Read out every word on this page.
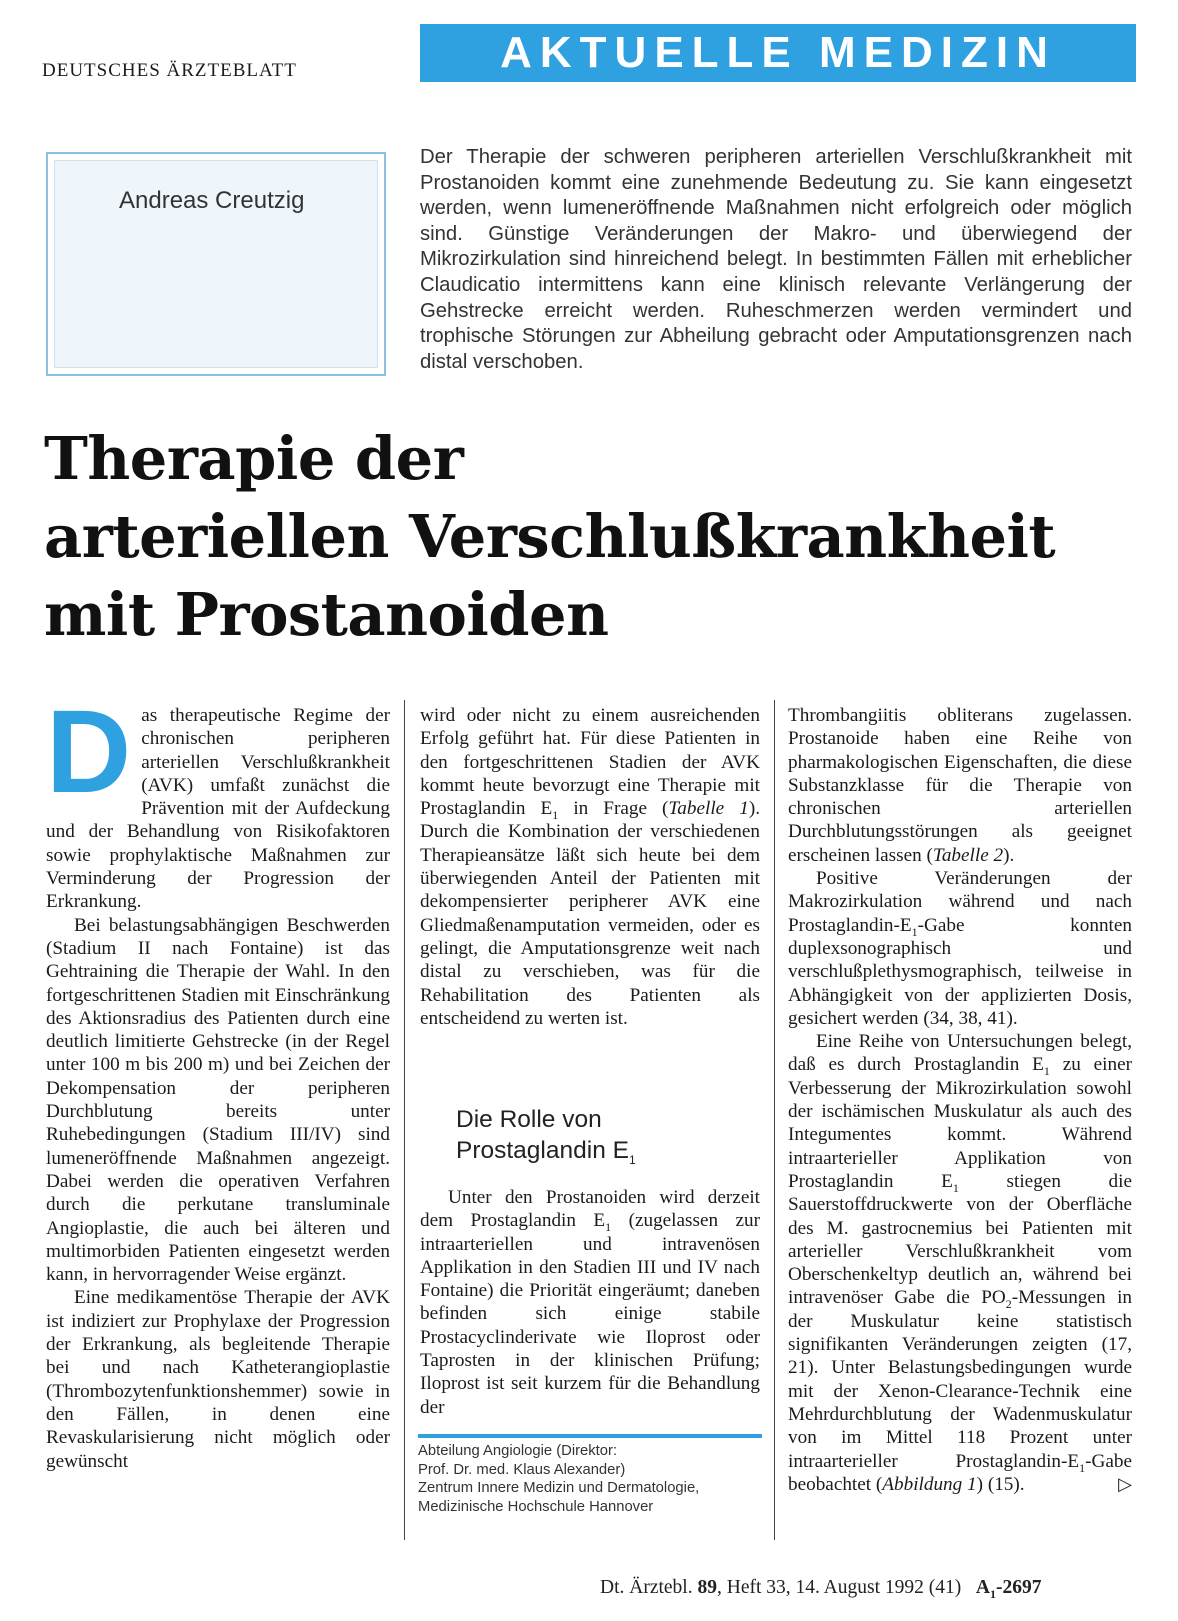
DEUTSCHES ÄRZTEBLATT	AKTUELLE MEDIZIN
Andreas Creutzig
Der Therapie der schweren peripheren arteriellen Verschlußkrankheit mit Prostanoiden kommt eine zunehmende Bedeutung zu. Sie kann eingesetzt werden, wenn lumeneröffnende Maßnahmen nicht erfolgreich oder möglich sind. Günstige Veränderungen der Makro- und überwiegend der Mikrozirkulation sind hinreichend belegt. In bestimmten Fällen mit erheblicher Claudicatio intermittens kann eine klinisch relevante Verlängerung der Gehstrecke erreicht werden. Ruheschmerzen werden vermindert und trophische Störungen zur Abheilung gebracht oder Amputationsgrenzen nach distal verschoben.
Therapie der
arteriellen Verschlußkrankheit
mit Prostanoiden

Das therapeutische Regime der chronischen peripheren arteriellen Verschlußkrankheit (AVK) umfaßt zunächst die Prävention mit der Aufdeckung und der Behandlung von Risikofaktoren sowie prophylaktische Maßnahmen zur Verminderung der Progression der Erkrankung.

Bei belastungsabhängigen Beschwerden (Stadium II nach Fontaine) ist das Gehtraining die Therapie der Wahl. In den fortgeschrittenen Stadien mit Einschränkung des Aktionsradius des Patienten durch eine deutlich limitierte Gehstrecke (in der Regel unter 100 m bis 200 m) und bei Zeichen der Dekompensation der peripheren Durchblutung bereits unter Ruhebedingungen (Stadium III/IV) sind lumeneröffnende Maßnahmen angezeigt. Dabei werden die operativen Verfahren durch die perkutane transluminale Angioplastie, die auch bei älteren und multimorbiden Patienten eingesetzt werden kann, in hervorragender Weise ergänzt.

Eine medikamentöse Therapie der AVK ist indiziert zur Prophylaxe der Progression der Erkrankung, als begleitende Therapie bei und nach Katheterangioplastie (Thrombozytenfunktionshemmer) sowie in den Fällen, in denen eine Revaskularisierung nicht möglich oder gewünscht

wird oder nicht zu einem ausreichenden Erfolg geführt hat. Für diese Patienten in den fortgeschrittenen Stadien der AVK kommt heute bevorzugt eine Therapie mit Prostaglandin $E_1$ in Frage (Tabelle 1). Durch die Kombination der verschiedenen Therapieansätze läßt sich heute bei dem überwiegenden Anteil der Patienten mit dekompensierter peripherer AVK eine Gliedmaßenamputation vermeiden, oder es gelingt, die Amputationsgrenze weit nach distal zu verschieben, was für die Rehabilitation des Patienten als entscheidend zu werten ist.

Die Rolle von Prostaglandin $E_1$

Unter den Prostanoiden wird derzeit dem Prostaglandin $E_1$ (zugelassen zur intraarteriellen und intravenösen Applikation in den Stadien III und IV nach Fontaine) die Priorität eingeräumt; daneben befinden sich einige stabile Prostacyclinderivate wie Iloprost oder Taprosten in der klinischen Prüfung; Iloprost ist seit kurzem für die Behandlung der

Abteilung Angiologie (Direktor:
Prof. Dr. med. Klaus Alexander)
Zentrum Innere Medizin und Dermatologie,
Medizinische Hochschule Hannover

Thrombangiitis obliterans zugelassen. Prostanoide haben eine Reihe von pharmakologischen Eigenschaften, die diese Substanzklasse für die Therapie von chronischen arteriellen Durchblutungsstörungen als geeignet erscheinen lassen (Tabelle 2).

Positive Veränderungen der Makrozirkulation während und nach Prostaglandin-$E_1$-Gabe konnten duplexsonographisch und verschlußplethysmographisch, teilweise in Abhängigkeit von der applizierten Dosis, gesichert werden (34, 38, 41).

Eine Reihe von Untersuchungen belegt, daß es durch Prostaglandin $E_1$ zu einer Verbesserung der Mikrozirkulation sowohl der ischämischen Muskulatur als auch des Integumentes kommt. Während intraarterieller Applikation von Prostaglandin $E_1$ stiegen die Sauerstoffdruckwerte von der Oberfläche des M. gastrocnemius bei Patienten mit arterieller Verschlußkrankheit vom Oberschenkeltyp deutlich an, während bei intravenöser Gabe die $PO_2$-Messungen in der Muskulatur keine statistisch signifikanten Veränderungen zeigten (17, 21). Unter Belastungsbedingungen wurde mit der Xenon-Clearance-Technik eine Mehrdurchblutung der Wadenmuskulatur von im Mittel 118 Prozent unter intraarterieller Prostaglandin-$E_1$-Gabe beobachtet (Abbildung 1) (15).	▷

Dt. Ärztebl. 89, Heft 33, 14. August 1992 (41) $A_1-2697$
